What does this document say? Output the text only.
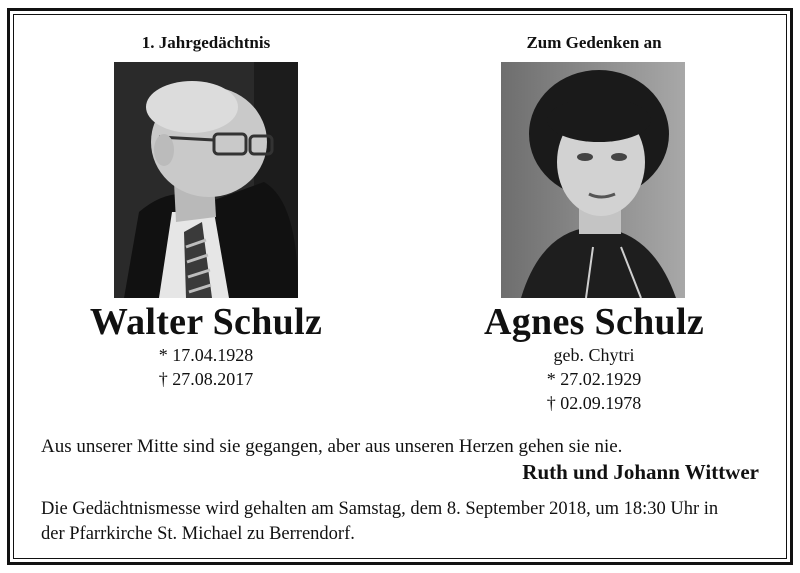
1. Jahrgedächtnis
Walter Schulz
* 17.04.1928
† 27.08.2017
Zum Gedenken an
Agnes Schulz
geb. Chytri
* 27.02.1929
† 02.09.1978
Aus unserer Mitte sind sie gegangen, aber aus unseren Herzen gehen sie nie.
Ruth und Johann Wittwer
Die Gedächtnismesse wird gehalten am Samstag, dem 8. September 2018, um 18:30 Uhr in
der Pfarrkirche St. Michael zu Berrendorf.
